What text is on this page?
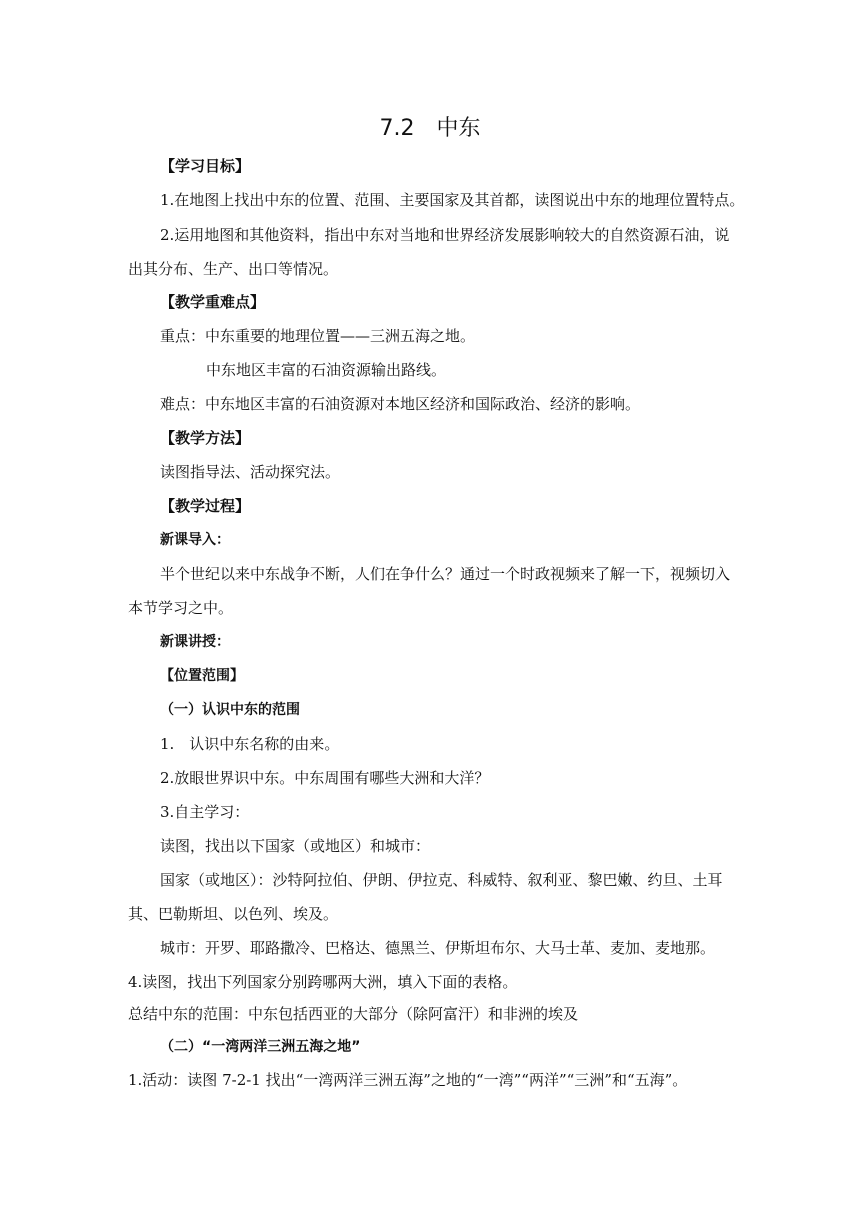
7.2　中东
【学习目标】
1.在地图上找出中东的位置、范围、主要国家及其首都，读图说出中东的地理位置特点。
2.运用地图和其他资料，指出中东对当地和世界经济发展影响较大的自然资源石油，说
出其分布、生产、出口等情况。
【教学重难点】
重点：中东重要的地理位置——三洲五海之地。
中东地区丰富的石油资源输出路线。
难点：中东地区丰富的石油资源对本地区经济和国际政治、经济的影响。
【教学方法】
读图指导法、活动探究法。
【教学过程】
新课导入：
半个世纪以来中东战争不断，人们在争什么？通过一个时政视频来了解一下，视频切入
本节学习之中。
新课讲授：
【位置范围】
（一）认识中东的范围
1.　认识中东名称的由来。
2.放眼世界识中东。中东周围有哪些大洲和大洋？
3.自主学习：
读图，找出以下国家（或地区）和城市：
国家（或地区）：沙特阿拉伯、伊朗、伊拉克、科威特、叙利亚、黎巴嫩、约旦、土耳
其、巴勒斯坦、以色列、埃及。
城市：开罗、耶路撒冷、巴格达、德黑兰、伊斯坦布尔、大马士革、麦加、麦地那。
4.读图，找出下列国家分别跨哪两大洲，填入下面的表格。
总结中东的范围：中东包括西亚的大部分（除阿富汗）和非洲的埃及
（二）“一湾两洋三洲五海之地”
1.活动：读图 7-2-1 找出“一湾两洋三洲五海”之地的“一湾”“两洋”“三洲”和“五海”。
